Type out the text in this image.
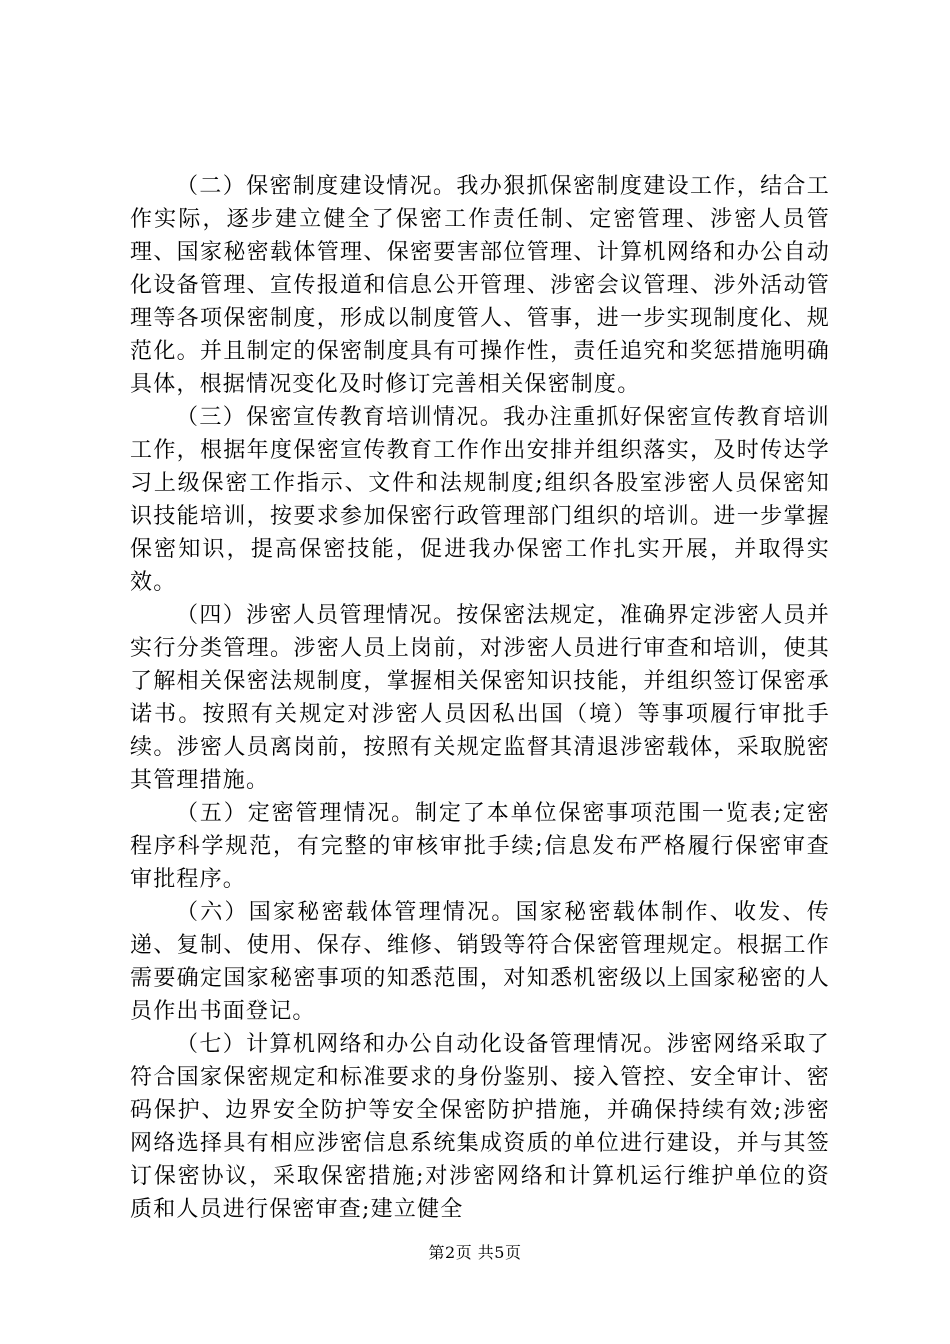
（二）保密制度建设情况。我办狠抓保密制度建设工作，结合工作实际，逐步建立健全了保密工作责任制、定密管理、涉密人员管理、国家秘密载体管理、保密要害部位管理、计算机网络和办公自动化设备管理、宣传报道和信息公开管理、涉密会议管理、涉外活动管理等各项保密制度，形成以制度管人、管事，进一步实现制度化、规范化。并且制定的保密制度具有可操作性，责任追究和奖惩措施明确具体，根据情况变化及时修订完善相关保密制度。

（三）保密宣传教育培训情况。我办注重抓好保密宣传教育培训工作，根据年度保密宣传教育工作作出安排并组织落实，及时传达学习上级保密工作指示、文件和法规制度;组织各股室涉密人员保密知识技能培训，按要求参加保密行政管理部门组织的培训。进一步掌握保密知识，提高保密技能，促进我办保密工作扎实开展，并取得实效。

（四）涉密人员管理情况。按保密法规定，准确界定涉密人员并实行分类管理。涉密人员上岗前，对涉密人员进行审查和培训，使其了解相关保密法规制度，掌握相关保密知识技能，并组织签订保密承诺书。按照有关规定对涉密人员因私出国（境）等事项履行审批手续。涉密人员离岗前，按照有关规定监督其清退涉密载体，采取脱密其管理措施。

（五）定密管理情况。制定了本单位保密事项范围一览表;定密程序科学规范，有完整的审核审批手续;信息发布严格履行保密审查审批程序。

（六）国家秘密载体管理情况。国家秘密载体制作、收发、传递、复制、使用、保存、维修、销毁等符合保密管理规定。根据工作需要确定国家秘密事项的知悉范围，对知悉机密级以上国家秘密的人员作出书面登记。

（七）计算机网络和办公自动化设备管理情况。涉密网络采取了符合国家保密规定和标准要求的身份鉴别、接入管控、安全审计、密码保护、边界安全防护等安全保密防护措施，并确保持续有效;涉密网络选择具有相应涉密信息系统集成资质的单位进行建设，并与其签订保密协议，采取保密措施;对涉密网络和计算机运行维护单位的资质和人员进行保密审查;建立健全

第2页 共5页
